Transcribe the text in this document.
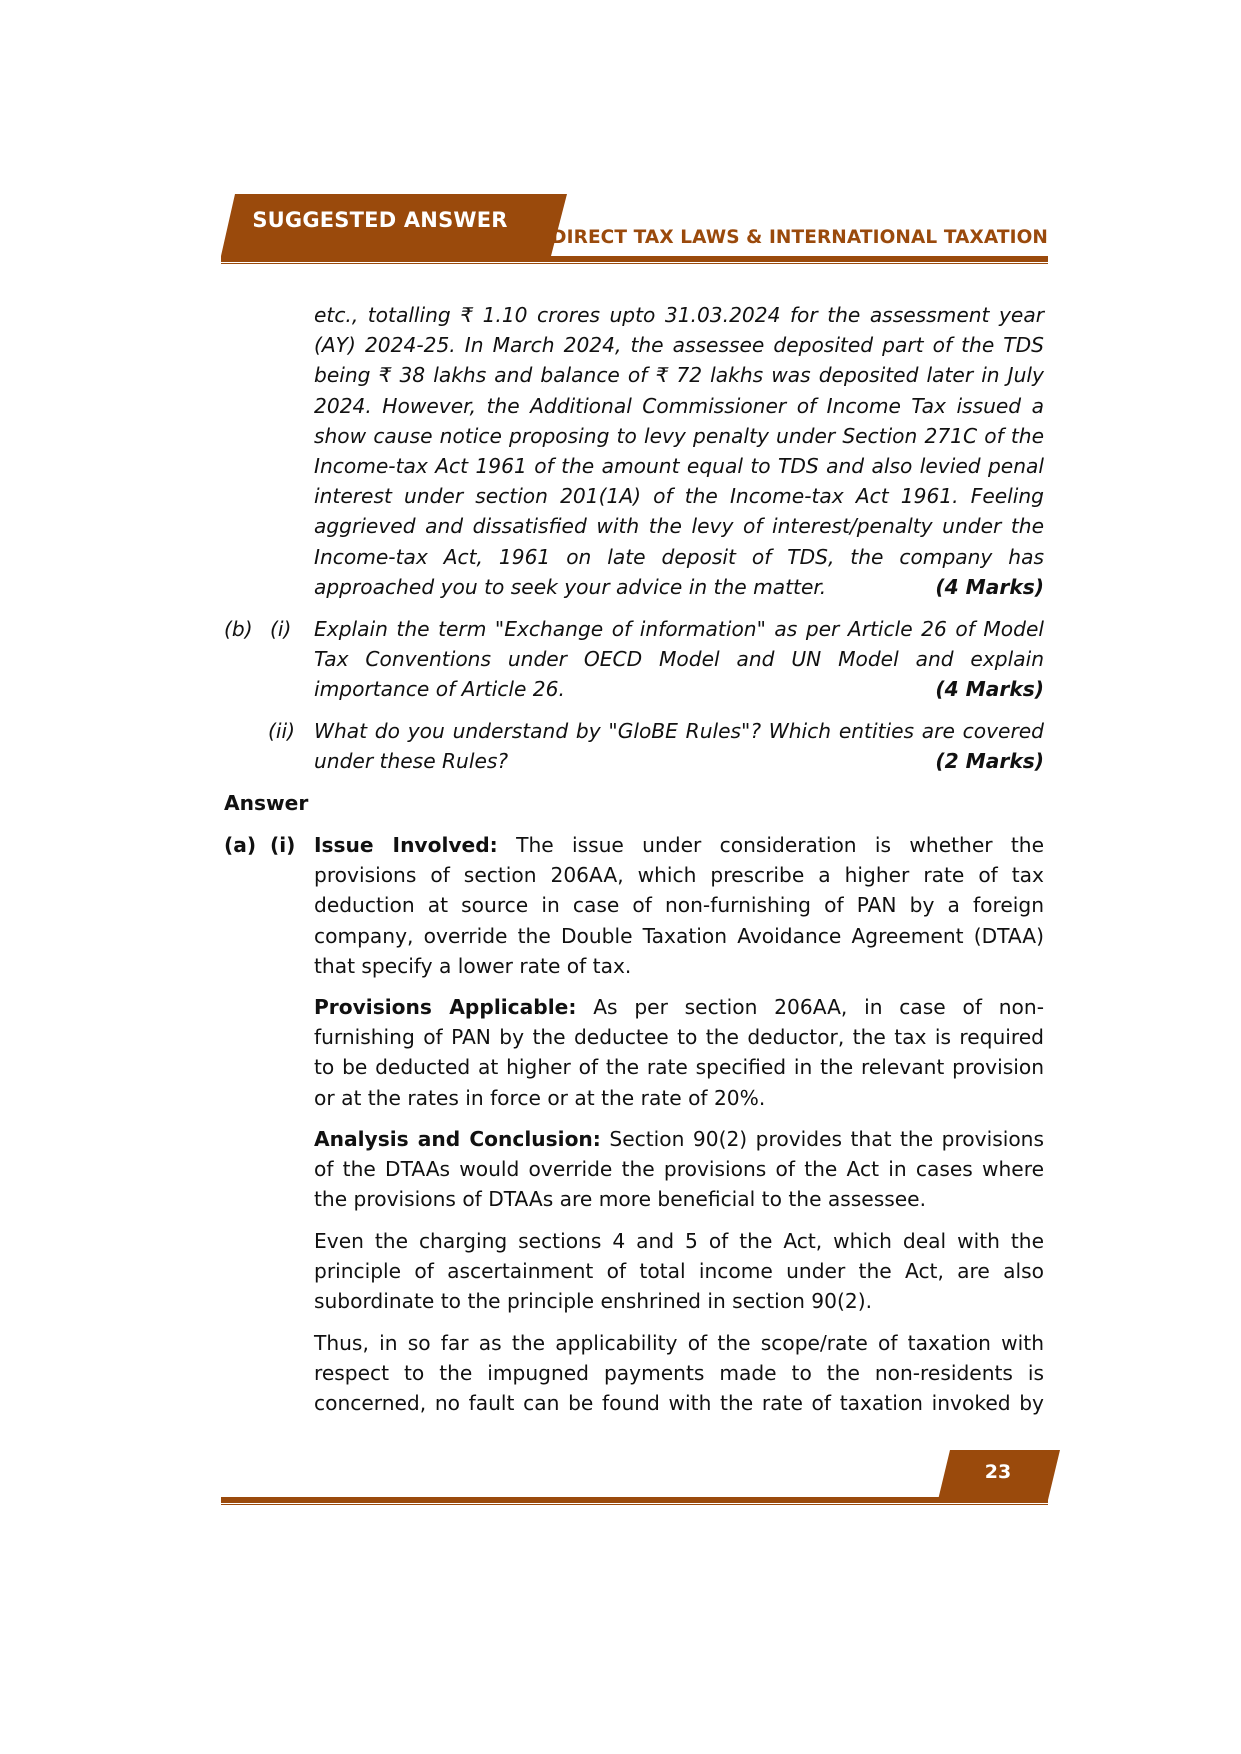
SUGGESTED ANSWER
DIRECT TAX LAWS & INTERNATIONAL TAXATION

etc., totalling ₹ 1.10 crores upto 31.03.2024 for the assessment year (AY) 2024-25. In March 2024, the assessee deposited part of the TDS being ₹ 38 lakhs and balance of ₹ 72 lakhs was deposited later in July 2024. However, the Additional Commissioner of Income Tax issued a show cause notice proposing to levy penalty under Section 271C of the Income-tax Act 1961 of the amount equal to TDS and also levied penal interest under section 201(1A) of the Income-tax Act 1961. Feeling aggrieved and dissatisfied with the levy of interest/penalty under the Income-tax Act, 1961 on late deposit of TDS, the company has approached you to seek your advice in the matter.	(4 Marks)

(b) (i) Explain the term "Exchange of information" as per Article 26 of Model Tax Conventions under OECD Model and UN Model and explain importance of Article 26.	(4 Marks)

(ii) What do you understand by "GloBE Rules"? Which entities are covered under these Rules?	(2 Marks)

Answer
(a) (i) Issue Involved: The issue under consideration is whether the provisions of section 206AA, which prescribe a higher rate of tax deduction at source in case of non-furnishing of PAN by a foreign company, override the Double Taxation Avoidance Agreement (DTAA) that specify a lower rate of tax.

Provisions Applicable: As per section 206AA, in case of non-furnishing of PAN by the deductee to the deductor, the tax is required to be deducted at higher of the rate specified in the relevant provision or at the rates in force or at the rate of 20%.

Analysis and Conclusion: Section 90(2) provides that the provisions of the DTAAs would override the provisions of the Act in cases where the provisions of DTAAs are more beneficial to the assessee.

Even the charging sections 4 and 5 of the Act, which deal with the principle of ascertainment of total income under the Act, are also subordinate to the principle enshrined in section 90(2).

Thus, in so far as the applicability of the scope/rate of taxation with respect to the impugned payments made to the non-residents is concerned, no fault can be found with the rate of taxation invoked by

23
